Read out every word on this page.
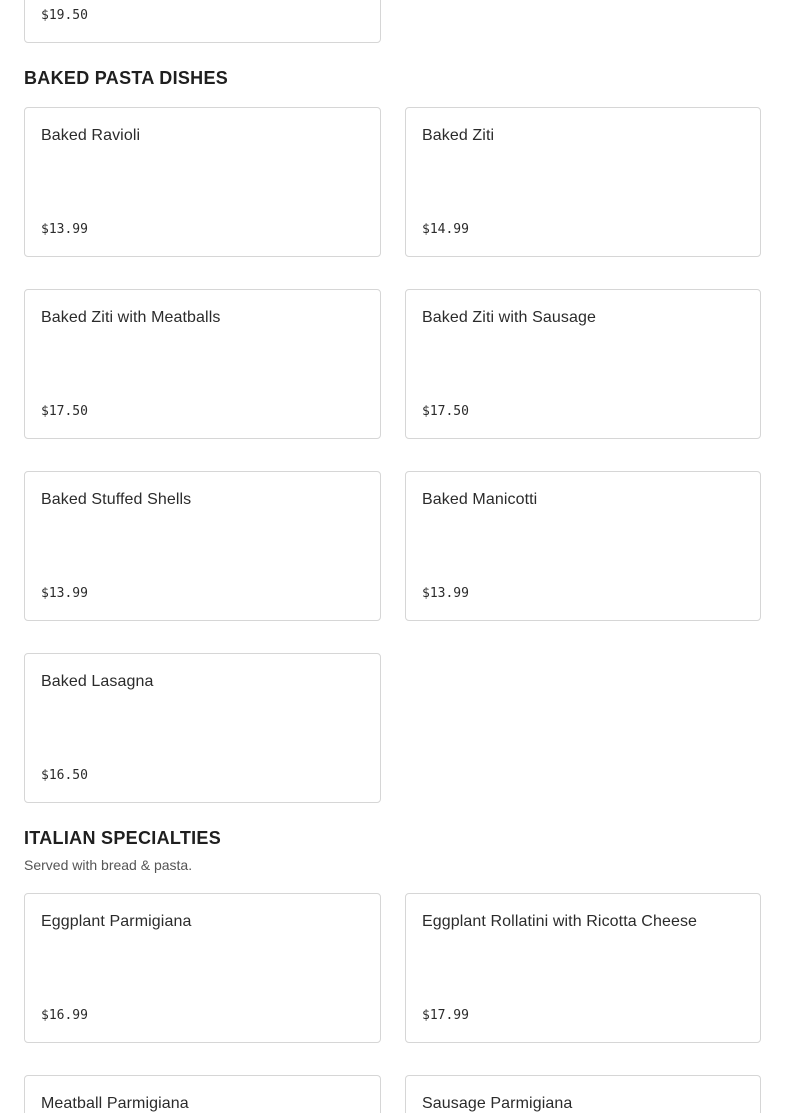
$19.50
BAKED PASTA DISHES
Baked Ravioli
$13.99
Baked Ziti
$14.99
Baked Ziti with Meatballs
$17.50
Baked Ziti with Sausage
$17.50
Baked Stuffed Shells
$13.99
Baked Manicotti
$13.99
Baked Lasagna
$16.50
ITALIAN SPECIALTIES

Served with bread & pasta.

Eggplant Parmigiana
$16.99
Eggplant Rollatini with Ricotta Cheese
$17.99
Meatball Parmigiana	Sausage Parmigiana
